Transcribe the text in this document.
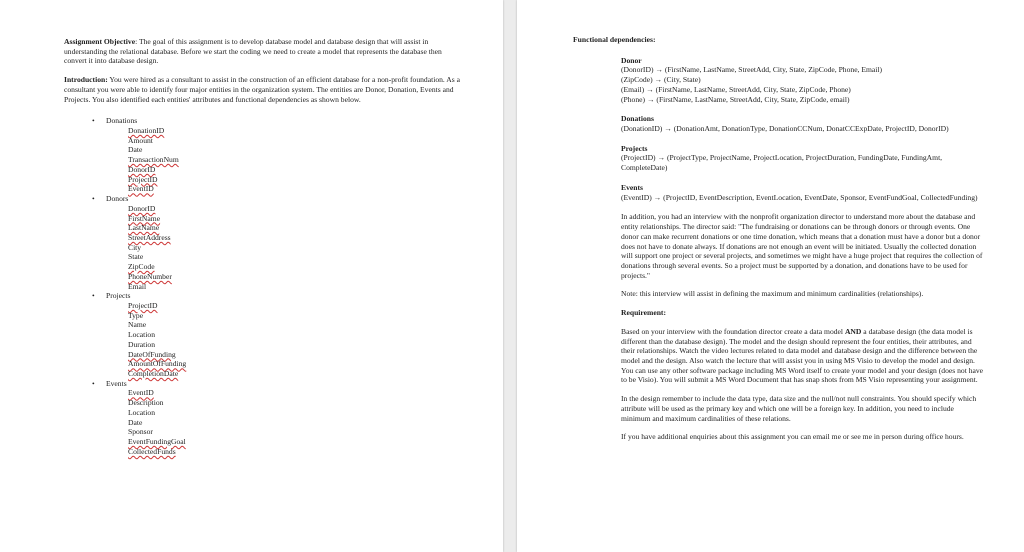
Assignment Objective: The goal of this assignment is to develop database model and database design that will assist in understanding the relational database. Before we start the coding we need to create a model that represents the database then convert it into database design.

Introduction: You were hired as a consultant to assist in the construction of an efficient database for a non-profit foundation. As a consultant you were able to identify four major entities in the organization system. The entities are Donor, Donation, Events and Projects. You also identified each entities' attributes and functional dependencies as shown below.

• Donations
DonationID
Amount
Date
TransactionNum
DonorID
ProjectID
EventID
• Donors
DonorID
FirstName
LastName
StreetAddress
City
State
ZipCode
PhoneNumber
Email
• Projects
ProjectID
Type
Name
Location
Duration
DateOfFunding
AmountOfFunding
CompletionDate
• Events
EventID
Description
Location
Date
Sponsor
EventFundingGoal
CollectedFunds
Functional dependencies:
Donor
(DonorID) → (FirstName, LastName, StreetAdd, City, State, ZipCode, Phone, Email)
(ZipCode) → (City, State)
(Email) → (FirstName, LastName, StreetAdd, City, State, ZipCode, Phone)
(Phone) → (FirstName, LastName, StreetAdd, City, State, ZipCode, email)
Donations
(DonationID) → (DonationAmt, DonationType, DonationCCNum, DonatCCExpDate, ProjectID, DonorID)
Projects
(ProjectID) → (ProjectType, ProjectName, ProjectLocation, ProjectDuration, FundingDate, FundingAmt, CompleteDate)
Events
(EventID) → (ProjectID, EventDescription, EventLocation, EventDate, Sponsor, EventFundGoal, CollectedFunding)

In addition, you had an interview with the nonprofit organization director to understand more about the database and entity relationships. The director said: "The fundraising or donations can be through donors or through events. One donor can make recurrent donations or one time donation, which means that a donation must have a donor but a donor does not have to donate always. If donations are not enough an event will be initiated. Usually the collected donation will support one project or several projects, and sometimes we might have a huge project that requires the collection of donations through several events. So a project must be supported by a donation, and donations have to be used for projects."

Note: this interview will assist in defining the maximum and minimum cardinalities (relationships).

Requirement:

Based on your interview with the foundation director create a data model AND a database design (the data model is different than the database design). The model and the design should represent the four entities, their attributes, and their relationships. Watch the video lectures related to data model and database design and the difference between the model and the design. Also watch the lecture that will assist you in using MS Visio to develop the model and design. You can use any other software package including MS Word itself to create your model and your design (does not have to be Visio). You will submit a MS Word Document that has snap shots from MS Visio representing your assignment.

In the design remember to include the data type, data size and the null/not null constraints. You should specify which attribute will be used as the primary key and which one will be a foreign key. In addition, you need to include minimum and maximum cardinalities of these relations.

If you have additional enquiries about this assignment you can email me or see me in person during office hours.
